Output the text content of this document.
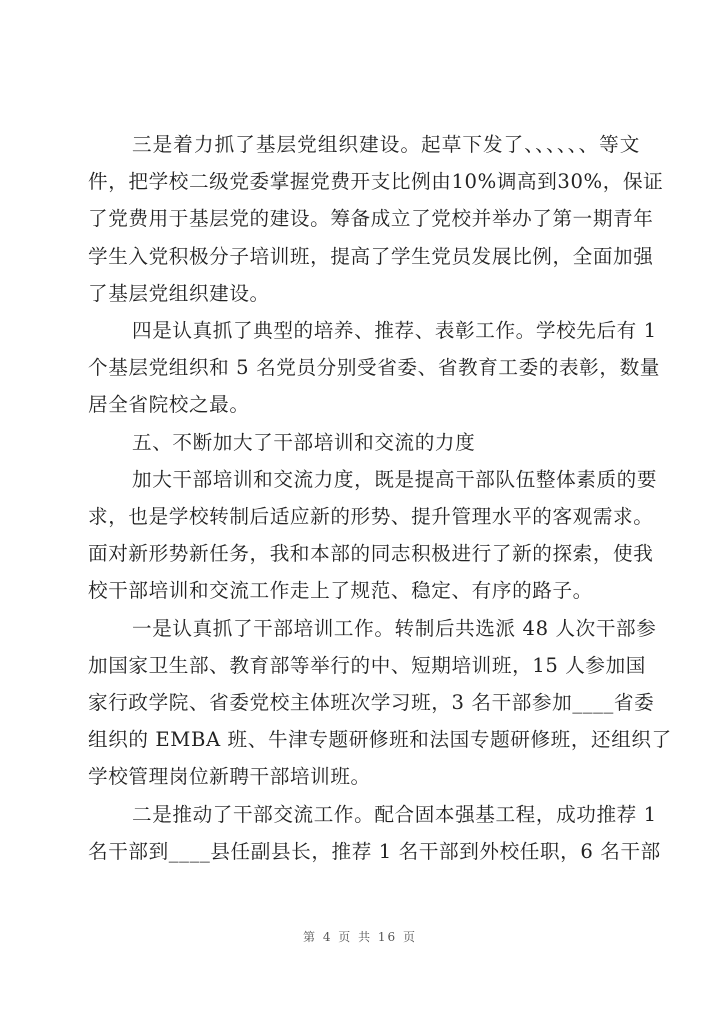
三是着力抓了基层党组织建设。起草下发了、、、、、、等文
件，把学校二级党委掌握党费开支比例由10%调高到30%，保证
了党费用于基层党的建设。筹备成立了党校并举办了第一期青年
学生入党积极分子培训班，提高了学生党员发展比例，全面加强
了基层党组织建设。

四是认真抓了典型的培养、推荐、表彰工作。学校先后有 1
个基层党组织和 5 名党员分别受省委、省教育工委的表彰，数量
居全省院校之最。

五、不断加大了干部培训和交流的力度

加大干部培训和交流力度，既是提高干部队伍整体素质的要
求，也是学校转制后适应新的形势、提升管理水平的客观需求。
面对新形势新任务，我和本部的同志积极进行了新的探索，使我
校干部培训和交流工作走上了规范、稳定、有序的路子。

一是认真抓了干部培训工作。转制后共选派 48 人次干部参
加国家卫生部、教育部等举行的中、短期培训班，15 人参加国
家行政学院、省委党校主体班次学习班，3 名干部参加____省委
组织的 EMBA 班、牛津专题研修班和法国专题研修班，还组织了
学校管理岗位新聘干部培训班。

二是推动了干部交流工作。配合固本强基工程，成功推荐 1
名干部到____县任副县长，推荐 1 名干部到外校任职，6 名干部

第 4 页 共 16 页
